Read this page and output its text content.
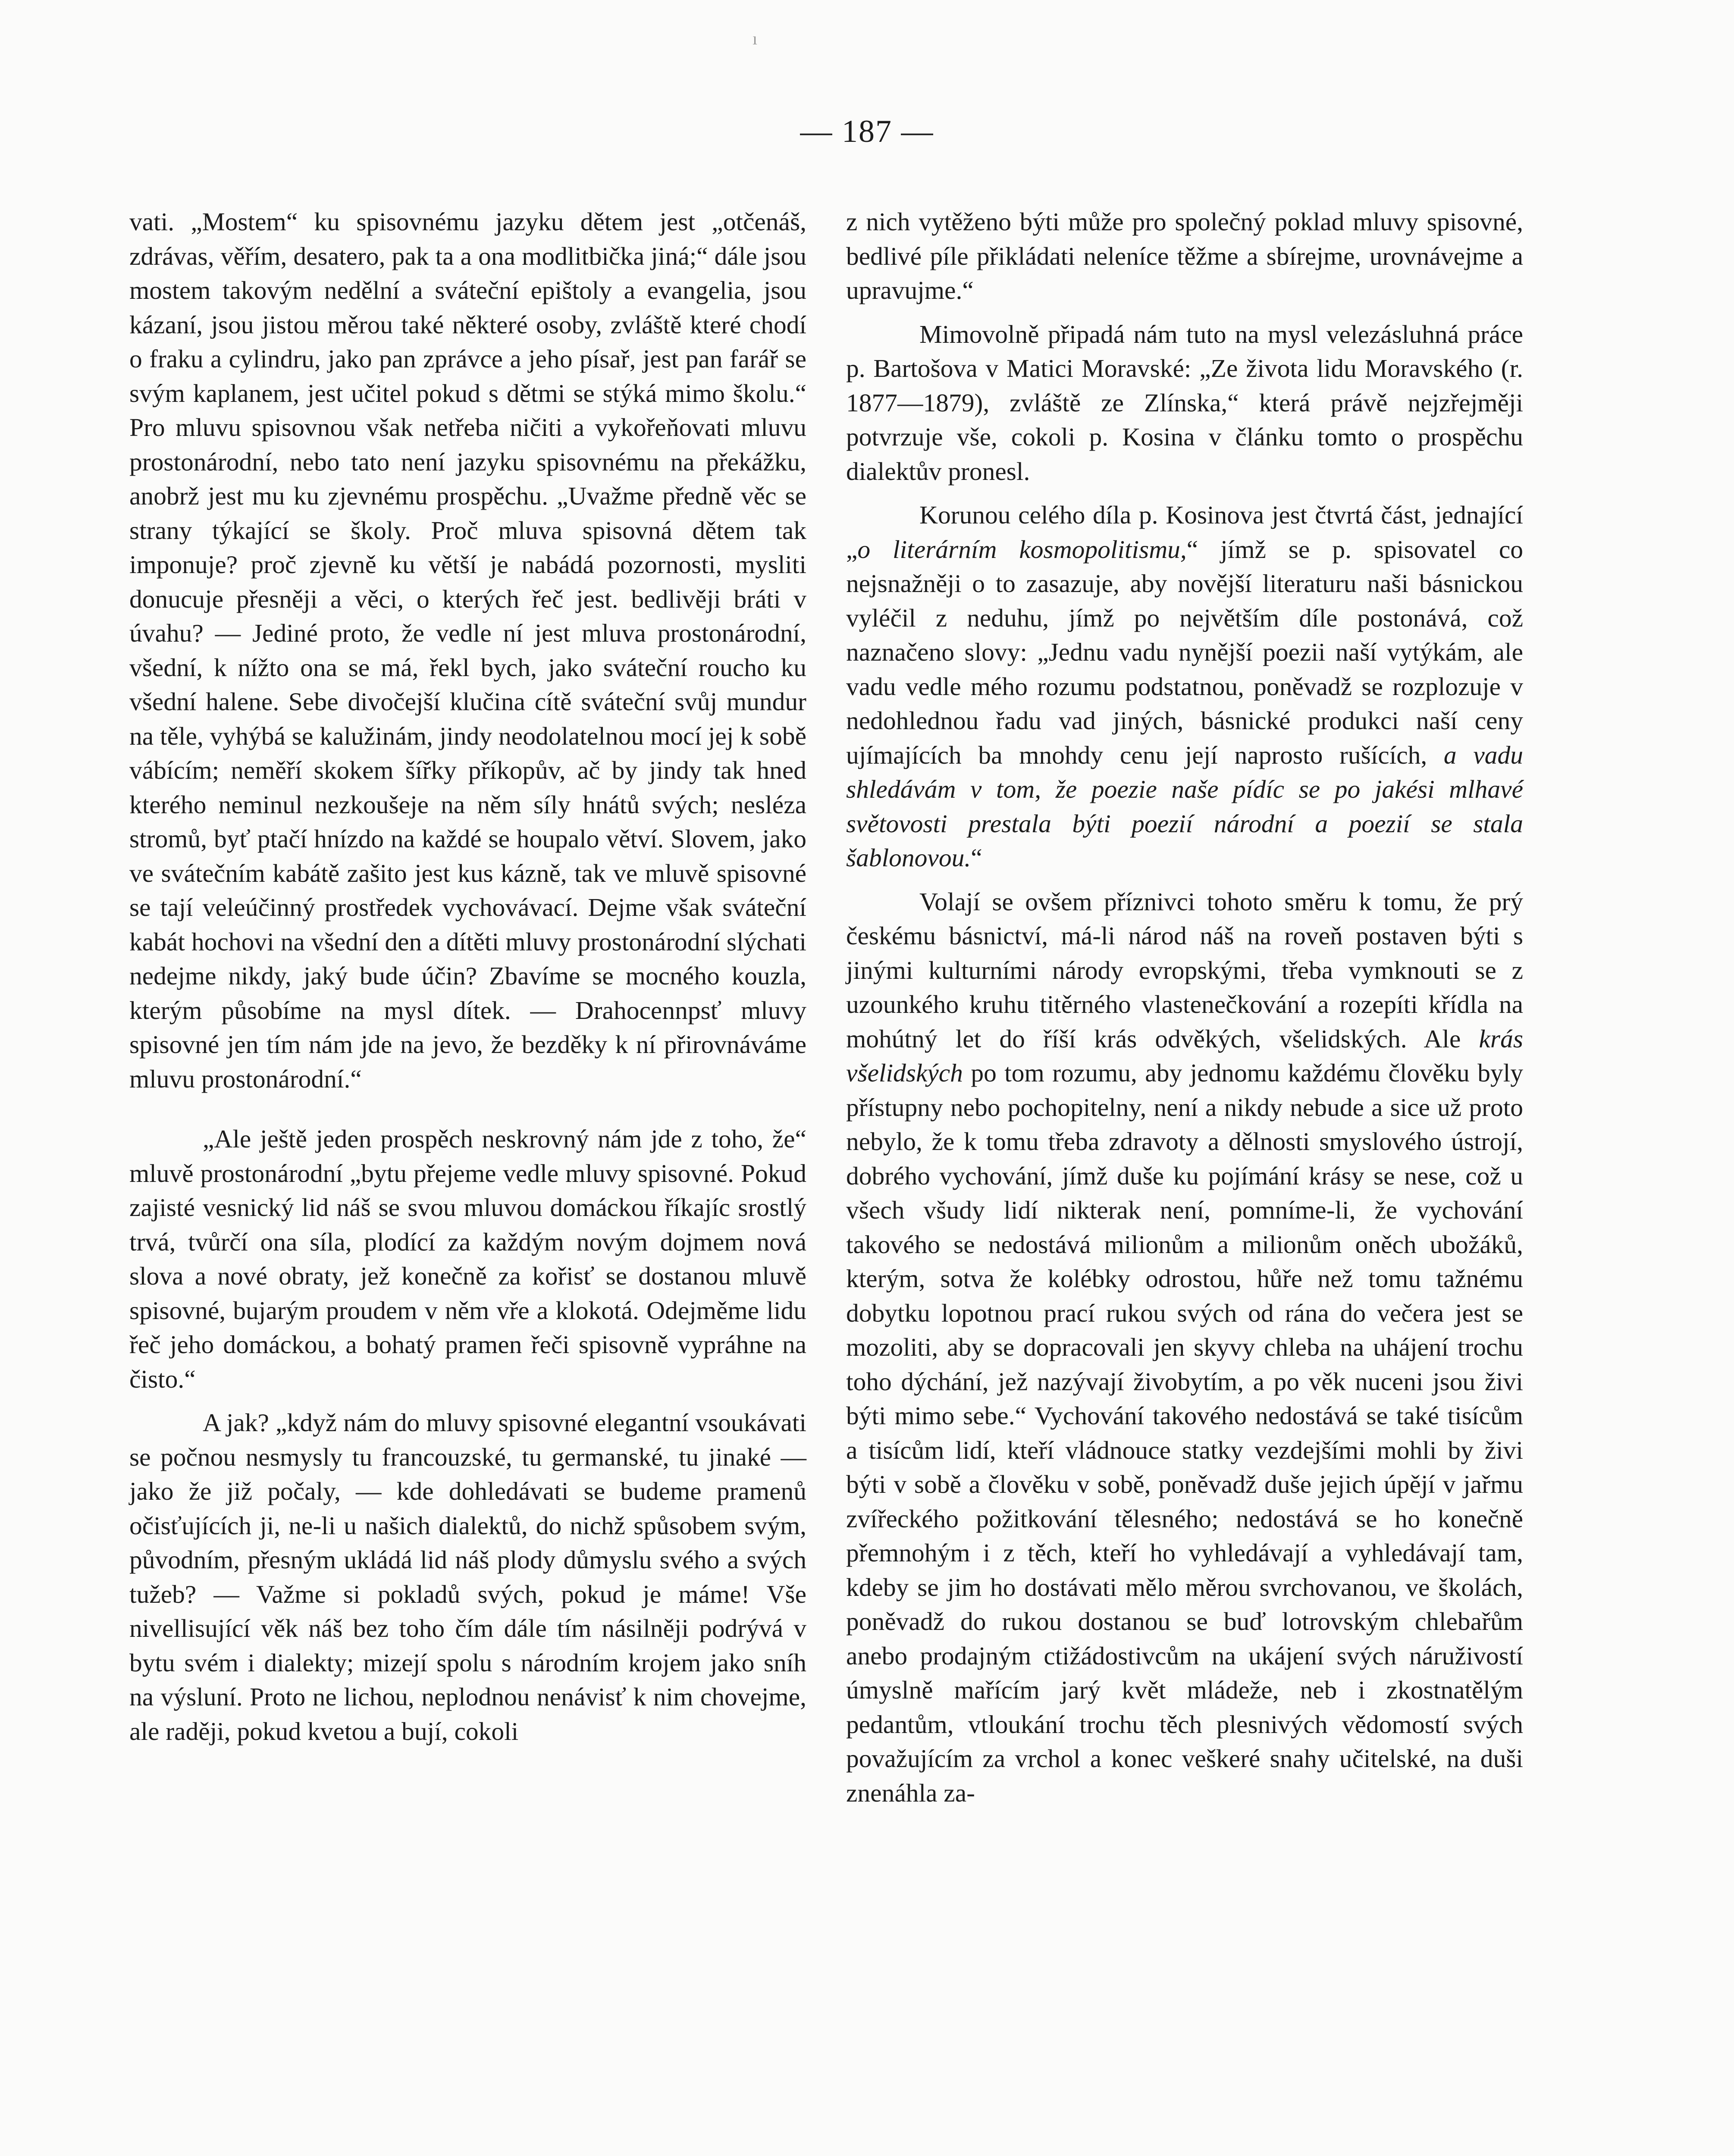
— 187 —
ı

vati. „Mostem“ ku spisovnému jazyku dětem jest „otčenáš, zdrávas, věřím, desatero, pak ta a ona modlitbička jiná;“ dále jsou mostem takovým nedělní a sváteční epištoly a evangelia, jsou kázaní, jsou jistou měrou také některé osoby, zvláště které chodí o fraku a cylindru, jako pan zprávce a jeho písař, jest pan farář se svým kaplanem, jest učitel pokud s dětmi se stýká mimo školu.“ Pro mluvu spisovnou však netřeba ničiti a vykořeňovati mluvu prostonárodní, nebo tato není jazyku spisovnému na překážku, anobrž jest mu ku zjevnému prospěchu. „Uvažme předně věc se strany týkající se školy. Proč mluva spisovná dětem tak imponuje? proč zjevně ku větší je nabádá pozornosti, mysliti donucuje přesněji a věci, o kterých řeč jest. bedlivěji bráti v úvahu? — Jediné proto, že vedle ní jest mluva prostonárodní, všední, k nížto ona se má, řekl bych, jako sváteční roucho ku všední halene. Sebe divočejší klučina cítě sváteční svůj mundur na těle, vyhýbá se kalužinám, jindy neodolatelnou mocí jej k sobě vábícím; neměří skokem šířky příkopův, ač by jindy tak hned kterého neminul nezkoušeje na něm síly hnátů svých; nesléza stromů, byť ptačí hnízdo na každé se houpalo větví. Slovem, jako ve svátečním kabátě zašito jest kus kázně, tak ve mluvě spisovné se tají veleúčinný prostředek vychovávací. Dejme však sváteční kabát hochovi na všední den a dítěti mluvy prostonárodní slýchati nedejme nikdy, jaký bude účin? Zbavíme se mocného kouzla, kterým působíme na mysl dítek. — Drahocennpsť mluvy spisovné jen tím nám jde na jevo, že bezděky k ní přirovnáváme mluvu prostonárodní.“

„Ale ještě jeden prospěch neskrovný nám jde z toho, že“ mluvě prostonárodní „bytu přejeme vedle mluvy spisovné. Pokud zajisté vesnický lid náš se svou mluvou domáckou říkajíc srostlý trvá, tvůrčí ona síla, plodící za každým novým dojmem nová slova a nové obraty, jež konečně za kořisť se dostanou mluvě spisovné, bujarým proudem v něm vře a klokotá. Odejměme lidu řeč jeho domáckou, a bohatý pramen řeči spisovně vypráhne na čisto.“

A jak? „když nám do mluvy spisovné elegantní vsoukávati se počnou nesmysly tu francouzské, tu germanské, tu jinaké — jako že již počaly, — kde dohledávati se budeme pramenů očisťujících ji, ne-li u našich dialektů, do nichž spůsobem svým, původním, přesným ukládá lid náš plody důmyslu svého a svých tužeb? — Važme si pokladů svých, pokud je máme! Vše nivellisující věk náš bez toho čím dále tím násilněji podrývá v bytu svém i dialekty; mizejí spolu s národním krojem jako sníh na výsluní. Proto ne lichou, neplodnou nenávisť k nim chovejme, ale raději, pokud kvetou a bují, cokoli

z nich vytěženo býti může pro společný poklad mluvy spisovné, bedlivé píle přikládati neleníce těžme a sbírejme, urovnávejme a upravujme.“

Mimovolně připadá nám tuto na mysl velezásluhná práce p. Bartošova v Matici Moravské: „Ze života lidu Moravského (r. 1877—1879), zvláště ze Zlínska,“ která právě nejzřejměji potvrzuje vše, cokoli p. Kosina v článku tomto o prospěchu dialektův pronesl.

Korunou celého díla p. Kosinova jest čtvrtá část, jednající „o literárním kosmopolitismu,“ jímž se p. spisovatel co nejsnažněji o to zasazuje, aby novější literaturu naši básnickou vyléčil z neduhu, jímž po největším díle postonává, což naznačeno slovy: „Jednu vadu nynější poezii naší vytýkám, ale vadu vedle mého rozumu podstatnou, poněvadž se rozplozuje v nedohlednou řadu vad jiných, básnické produkci naší ceny ujímajících ba mnohdy cenu její naprosto rušících, a vadu shledávám v tom, že poezie naše pídíc se po jakési mlhavé světovosti prestala býti poezií národní a poezií se stala šablonovou.“

Volají se ovšem příznivci tohoto směru k tomu, že prý českému básnictví, má-li národ náš na roveň postaven býti s jinými kulturními národy evropskými, třeba vymknouti se z uzounkého kruhu titěrného vlastenečkování a rozepíti křídla na mohútný let do říší krás odvěkých, všelidských. Ale krás všelidských po tom rozumu, aby jednomu každému člověku byly přístupny nebo pochopitelny, není a nikdy nebude a sice už proto nebylo, že k tomu třeba zdravoty a dělnosti smyslového ústrojí, dobrého vychování, jímž duše ku pojímání krásy se nese, což u všech všudy lidí nikterak není, pomníme-li, že vychování takového se nedostává milionům a milionům oněch ubožáků, kterým, sotva že kolébky odrostou, hůře než tomu tažnému dobytku lopotnou prací rukou svých od rána do večera jest se mozoliti, aby se dopracovali jen skyvy chleba na uhájení trochu toho dýchání, jež nazývají živobytím, a po věk nuceni jsou živi býti mimo sebe.“ Vychování takového nedostává se také tisícům a tisícům lidí, kteří vládnouce statky vezdejšími mohli by živi býti v sobě a člověku v sobě, poněvadž duše jejich úpějí v jařmu zvířeckého požitkování tělesného; nedostává se ho konečně přemnohým i z těch, kteří ho vyhledávají a vyhledávají tam, kdeby se jim ho dostávati mělo měrou svrchovanou, ve školách, poněvadž do rukou dostanou se buď lotrovským chlebařům anebo prodajným ctižádostivcům na ukájení svých náruživostí úmyslně mařícím jarý květ mládeže, neb i zkostnatělým pedantům, vtloukání trochu těch plesnivých vědomostí svých považujícím za vrchol a konec veškeré snahy učitelské, na duši znenáhla za-
